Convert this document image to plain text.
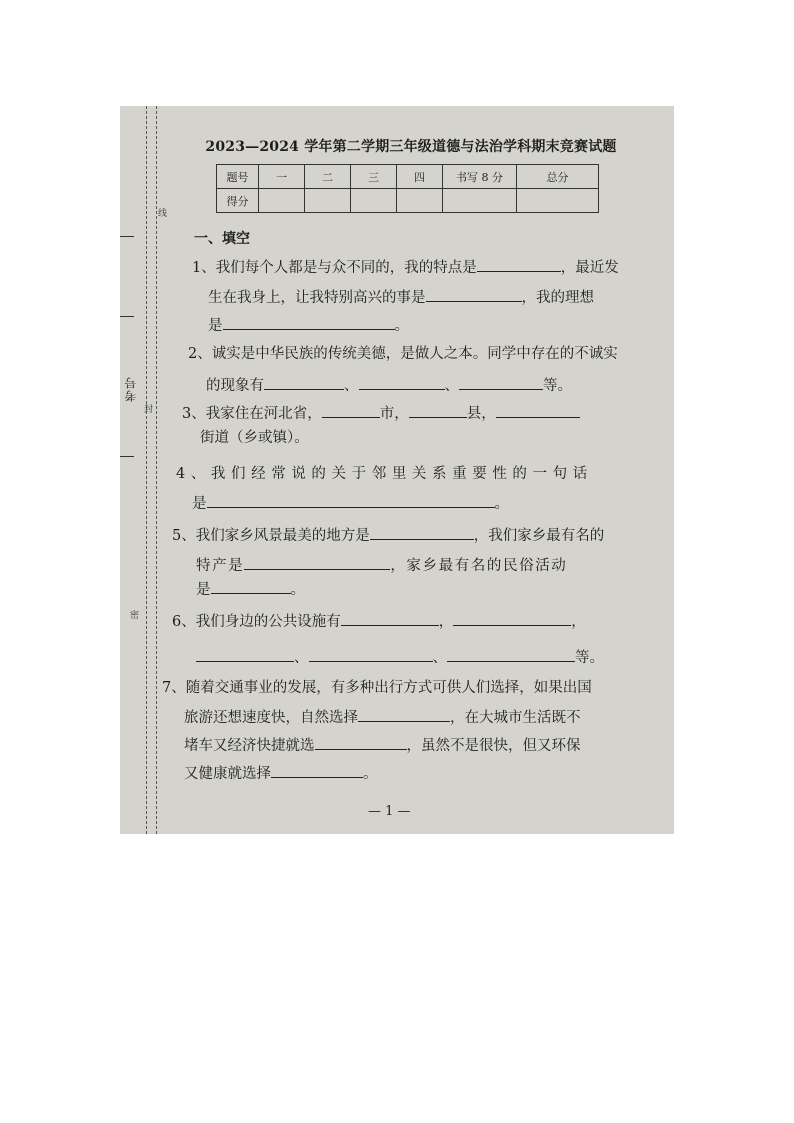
考号
线
封
密
2023—2024 学年第二学期三年级道德与法治学科期末竞赛试题
题号	一	二	三	四	书写 8 分	总分
得分						
一、填空
1、我们每个人都是与众不同的，我的特点是	，最近发
生在我身上，让我特别高兴的事是	，我的理想
是	。
2、诚实是中华民族的传统美德，是做人之本。同学中存在的不诚实
的现象有	、	、	等。
3、我家住在河北省，	市，	县，
街道（乡或镇）。
4、我们经常说的关于邻里关系重要性的一句话
是	。
5、我们家乡风景最美的地方是	，我们家乡最有名的
特产是	，家乡最有名的民俗活动
是	。
6、我们身边的公共设施有	，	，
、	、	等。
7、随着交通事业的发展，有多种出行方式可供人们选择，如果出国
旅游还想速度快，自然选择	，在大城市生活既不
堵车又经济快捷就选	，虽然不是很快，但又环保
又健康就选择	。
— 1 —
